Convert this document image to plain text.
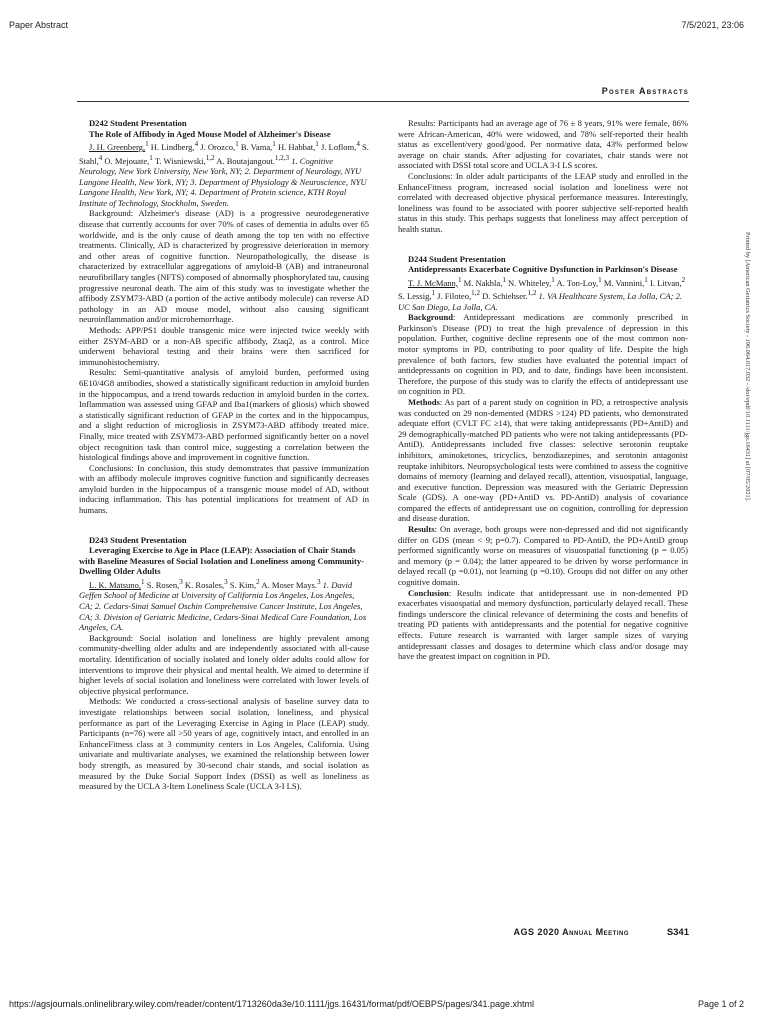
Paper Abstract	7/5/2021, 23:06
Poster Abstracts

D242 Student Presentation

The Role of Affibody in Aged Mouse Model of Alzheimer's Disease

J. H. Greenberg,$^1$ H. Lindberg,$^4$ J. Orozco,$^1$ B. Vama,$^1$ H. Habbat,$^1$ J. Loflom,$^4$ S. Stahl,$^4$ O. Mejouate,$^1$ T. Wisniewski,$^{1,2}$ A. Boutajangout.$^{1,2,3}$ 1. Cognitive Neurology, New York University, New York, NY; 2. Department of Neurology, NYU Langone Health, New York, NY; 3. Department of Physiology & Neuroscience, NYU Langone Health, New York, NY; 4. Department of Protein science, KTH Royal Institute of Technology, Stockholm, Sweden.

Background: Alzheimer's disease (AD) is a progressive neurodegenerative disease that currently accounts for over 70% of cases of dementia in adults over 65 worldwide, and is the only cause of death among the top ten with no effective treatments. Clinically, AD is characterized by progressive deterioration in memory and other areas of cognitive function. Neuropathologically, the disease is characterized by extracellular aggregations of amyloid-B (AB) and intraneuronal neurofibrillary tangles (NFTS) composed of abnormally phosphorylated tau, causing progressive neuronal death. The aim of this study was to investigate whether the affibody ZSYM73-ABD (a portion of the active antibody molecule) can reverse AD pathology in an AD mouse model, without also causing significant neuroinflammation and/or microhemorrhage.

Methods: APP/PS1 double transgenic mice were injected twice weekly with either ZSYM-ABD or a non-AB specific affibody, Ztaq2, as a control. Mice underwent behavioral testing and their brains were then sacrificed for immunohistochemistry.

Results: Semi-quantitative analysis of amyloid burden, performed using 6E10/4G8 antibodies, showed a statistically significant reduction in amyloid burden in the hippocampus, and a trend towards reduction in amyloid burden in the cortex. Inflammation was assessed using GFAP and Iba1(markers of gliosis) which showed a statistically significant reduction of GFAP in the cortex and in the hippocampus, and a slight reduction of microgliosis in ZSYM73-ABD affibody treated mice. Finally, mice treated with ZSYM73-ABD performed significantly better on a novel object recognition task than control mice, suggesting a correlation between the histological findings above and improvement in cognitive function.

Conclusions: In conclusion, this study demonstrates that passive immunization with an affibody molecule improves cognitive function and significantly decreases amyloid burden in the hippocampus of a transgenic mouse model of AD, without inducing inflammation. This has potential implications for treatment of AD in humans.

D243 Student Presentation

Leveraging Exercise to Age in Place (LEAP): Association of Chair Stands with Baseline Measures of Social Isolation and Loneliness among Community-Dwelling Older Adults

L. K. Matsuno,$^1$ S. Rosen,$^3$ K. Rosales,$^3$ S. Kim,$^2$ A. Moser Mays.$^3$ 1. David Geffen School of Medicine at University of California Los Angeles, Los Angeles, CA; 2. Cedars-Sinai Samuel Oschin Comprehensive Cancer Institute, Los Angeles, CA; 3. Division of Geriatric Medicine, Cedars-Sinai Medical Care Foundation, Los Angeles, CA.

Background: Social isolation and loneliness are highly prevalent among community-dwelling older adults and are independently associated with all-cause mortality. Identification of socially isolated and lonely older adults could allow for interventions to improve their physical and mental health. We aimed to determine if higher levels of social isolation and loneliness were correlated with lower levels of objective physical performance.

Methods: We conducted a cross-sectional analysis of baseline survey data to investigate relationships between social isolation, loneliness, and physical performance as part of the Leveraging Exercise in Aging in Place (LEAP) study. Participants (n=76) were all >50 years of age, cognitively intact, and enrolled in an EnhanceFitness class at 3 community centers in Los Angeles, California. Using univariate and multivariate analyses, we examined the relationship between lower body strength, as measured by 30-second chair stands, and social isolation as measured by the Duke Social Support Index (DSSI) as well as loneliness as measured by the UCLA 3-Item Loneliness Scale (UCLA 3-I LS).

Results: Participants had an average age of 76 ± 8 years, 91% were female, 86% were African-American, 40% were widowed, and 78% self-reported their health status as excellent/very good/good. Per normative data, 43% performed below average on chair stands. After adjusting for covariates, chair stands were not associated with DSSI total score and UCLA 3-I LS scores.

Conclusions: In older adult participants of the LEAP study and enrolled in the EnhanceFitness program, increased social isolation and loneliness were not correlated with decreased objective physical performance measures. Interestingly, loneliness was found to be associated with poorer subjective self-reported health status in this study. This perhaps suggests that loneliness may affect perception of health status.

D244 Student Presentation

Antidepressants Exacerbate Cognitive Dysfunction in Parkinson's Disease

T. J. McMann,$^1$ M. Nakhla,$^1$ N. Whiteley,$^1$ A. Ton-Loy,$^1$ M. Vannini,$^1$ I. Litvan,$^2$ S. Lessig,$^1$ J. Filoteo,$^{1,2}$ D. Schiehser.$^{1,2}$ 1. VA Healthcare System, La Jolla, CA; 2. UC San Diego, La Jolla, CA.

Background: Antidepressant medications are commonly prescribed in Parkinson's Disease (PD) to treat the high prevalence of depression in this population. Further, cognitive decline represents one of the most common non-motor symptoms in PD, contributing to poor quality of life. Despite the high prevalence of both factors, few studies have evaluated the potential impact of antidepressants on cognition in PD, and to date, findings have been inconsistent. Therefore, the purpose of this study was to clarify the effects of antidepressant use on cognition in PD.

Methods: As part of a parent study on cognition in PD, a retrospective analysis was conducted on 29 non-demented (MDRS >124) PD patients, who demonstrated adequate effort (CVLT FC ≥14), that were taking antidepressants (PD+AntiD) and 29 demographically-matched PD patients who were not taking antidepressants (PD-AntiD). Antidepressants included five classes: selective serotonin reuptake inhibitors, aminoketones, tricyclics, benzodiazepines, and serotonin antagonist reuptake inhibitors. Neuropsychological tests were combined to assess the cognitive domains of memory (learning and delayed recall), attention, visuospatial, language, and executive function. Depression was measured with the Geriatric Depression Scale (GDS). A one-way (PD+AntiD vs. PD-AntiD) analysis of covariance compared the effects of antidepressant use on cognition, controlling for depression and disease duration.

Results: On average, both groups were non-depressed and did not significantly differ on GDS (mean < 9; p=0.7). Compared to PD-AntiD, the PD+AntiD group performed significantly worse on measures of visuospatial functioning (p = 0.05) and memory (p = 0.04); the latter appeared to be driven by worse performance in delayed recall (p =0.01), not learning (p =0.10). Groups did not differ on any other cognitive domain.

Conclusion: Results indicate that antidepressant use in non-demented PD exacerbates visuospatial and memory dysfunction, particularly delayed recall. These findings underscore the clinical relevance of determining the costs and benefits of treating PD patients with antidepressants and the potential for negative cognitive effects. Future research is warranted with larger sample sizes of varying antidepressant classes and dosages to determine which class and/or dosage may have the greatest impact on cognition in PD.

Printed by [American Geriatrics Society - 196.064.017.032 - /doi/epdf/10.1111/jgs.16431] at [07/05/2021].
AGS 2020 Annual Meeting	S341
https://agsjournals.onlinelibrary.wiley.com/reader/content/1713260da3e/10.1111/jgs.16431/format/pdf/OEBPS/pages/341.page.xhtml	Page 1 of 2
